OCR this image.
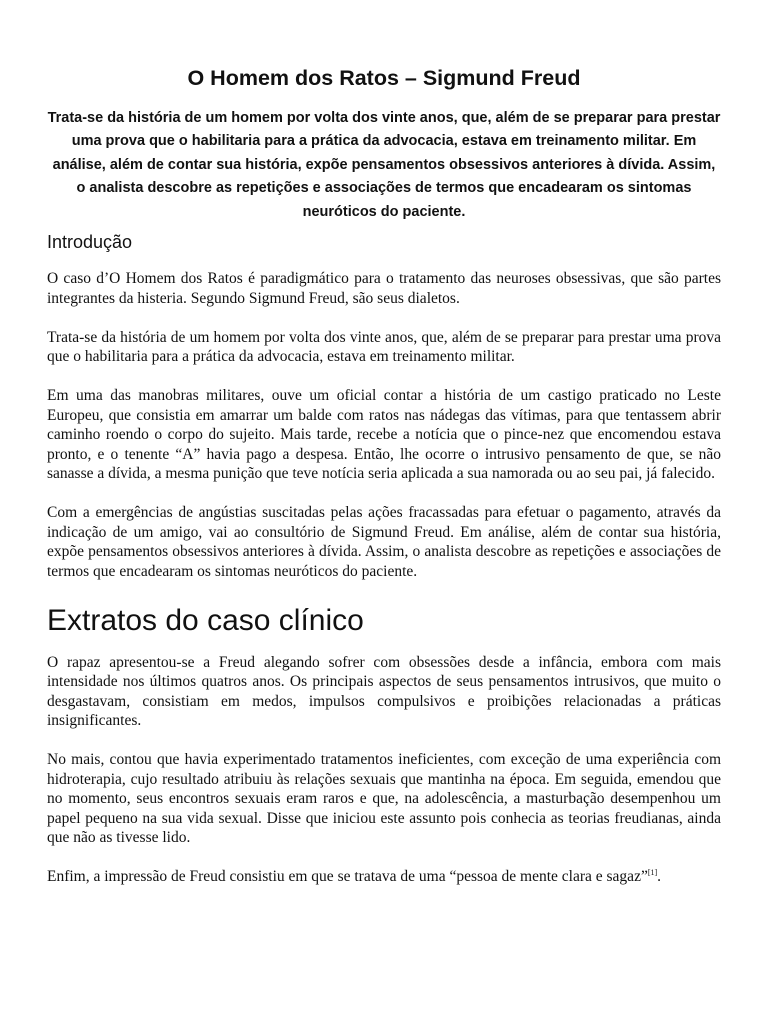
O Homem dos Ratos – Sigmund Freud

Trata-se da história de um homem por volta dos vinte anos, que, além de se preparar para prestar uma prova que o habilitaria para a prática da advocacia, estava em treinamento militar. Em análise, além de contar sua história, expõe pensamentos obsessivos anteriores à dívida. Assim, o analista descobre as repetições e associações de termos que encadearam os sintomas neuróticos do paciente.

Introdução

O caso d’O Homem dos Ratos é paradigmático para o tratamento das neuroses obsessivas, que são partes integrantes da histeria. Segundo Sigmund Freud, são seus dialetos.

Trata-se da história de um homem por volta dos vinte anos, que, além de se preparar para prestar uma prova que o habilitaria para a prática da advocacia, estava em treinamento militar.

Em uma das manobras militares, ouve um oficial contar a história de um castigo praticado no Leste Europeu, que consistia em amarrar um balde com ratos nas nádegas das vítimas, para que tentassem abrir caminho roendo o corpo do sujeito. Mais tarde, recebe a notícia que o pince-nez que encomendou estava pronto, e o tenente “A” havia pago a despesa. Então, lhe ocorre o intrusivo pensamento de que, se não sanasse a dívida, a mesma punição que teve notícia seria aplicada a sua namorada ou ao seu pai, já falecido.

Com a emergências de angústias suscitadas pelas ações fracassadas para efetuar o pagamento, através da indicação de um amigo, vai ao consultório de Sigmund Freud. Em análise, além de contar sua história, expõe pensamentos obsessivos anteriores à dívida. Assim, o analista descobre as repetições e associações de termos que encadearam os sintomas neuróticos do paciente.

Extratos do caso clínico

O rapaz apresentou-se a Freud alegando sofrer com obsessões desde a infância, embora com mais intensidade nos últimos quatros anos. Os principais aspectos de seus pensamentos intrusivos, que muito o desgastavam, consistiam em medos, impulsos compulsivos e proibições relacionadas a práticas insignificantes.

No mais, contou que havia experimentado tratamentos ineficientes, com exceção de uma experiência com hidroterapia, cujo resultado atribuiu às relações sexuais que mantinha na época. Em seguida, emendou que no momento, seus encontros sexuais eram raros e que, na adolescência, a masturbação desempenhou um papel pequeno na sua vida sexual. Disse que iniciou este assunto pois conhecia as teorias freudianas, ainda que não as tivesse lido.

Enfim, a impressão de Freud consistiu em que se tratava de uma “pessoa de mente clara e sagaz”[1].
